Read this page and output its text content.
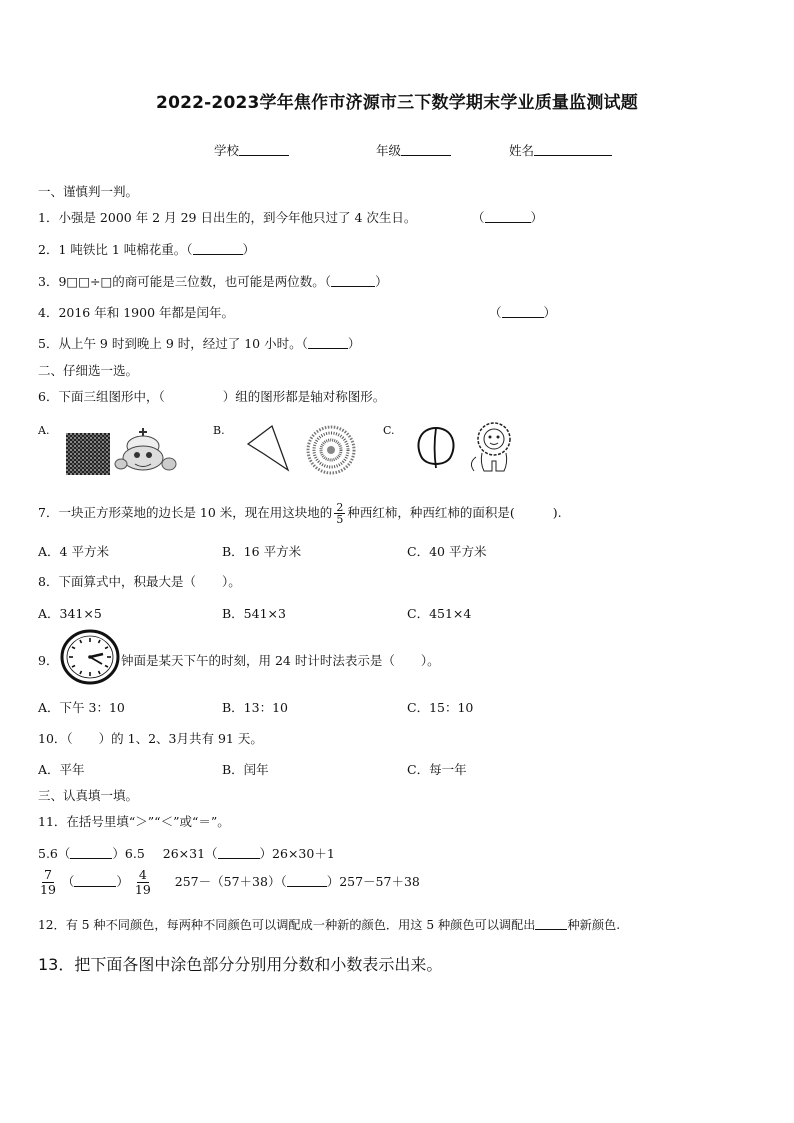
2022-2023学年焦作市济源市三下数学期末学业质量监测试题
学校	年级	姓名
一、谨慎判一判。
1．小强是 2000 年 2 月 29 日出生的，到今年他只过了 4 次生日。	（	）
2．1 吨铁比 1 吨棉花重。（	）
3．9□□÷□的商可能是三位数，也可能是两位数。（	）
4．2016 年和 1900 年都是闰年。	（	）
5．从上午 9 时到晚上 9 时，经过了 10 小时。（	）
二、仔细选一选。
6．下面三组图形中，（	）组的图形都是轴对称图形。
A.	B.	C.
7．一块正方形菜地的边长是 10 米，现在用这块地的 $\frac{2}{5}$ 种西红柿，种西红柿的面积是(	).
A．4 平方米	B．16 平方米	C．40 平方米
8．下面算式中，积最大是（ ）。
A．341×5	B．541×3	C．451×4
9．	钟面是某天下午的时刻，用 24 时计时法表示是（ ）。
A．下午 3：10	B．13：10	C．15：10
10．（ ）的 1、2、3月共有 91 天。
A．平年	B．闰年	C．每一年
三、认真填一填。
11．在括号里填“＞”“＜”或“＝”。
5.6（	）6.5 26×31（	）26×30＋1
$\frac{7}{19}$ （	） $\frac{4}{19} 257-(57+38)$（	）257－57＋38
12．有 5 种不同颜色，每两种不同颜色可以调配成一种新的颜色．用这 5 种颜色可以调配出	种新颜色.
13．把下面各图中涂色部分分别用分数和小数表示出来。
